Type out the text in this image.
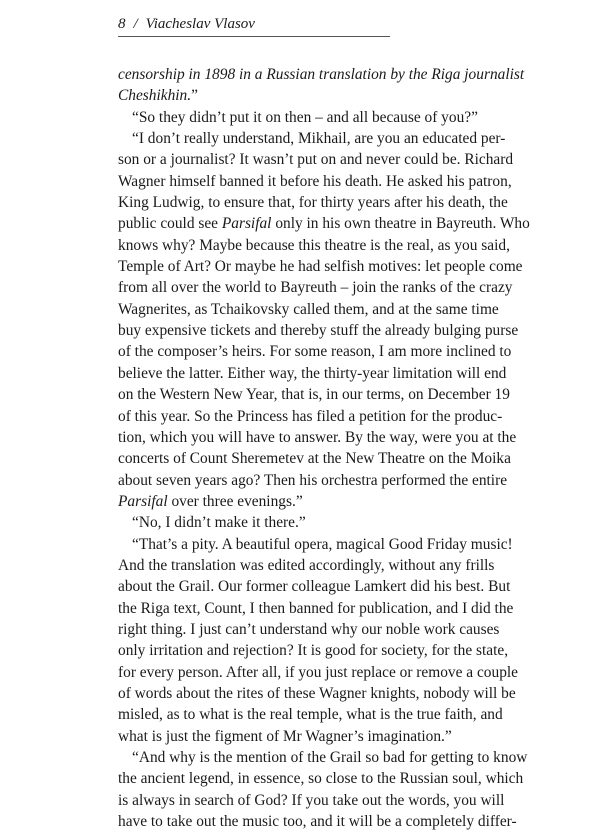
8 / Viacheslav Vlasov
censorship in 1898 in a Russian translation by the Riga journalist
Cheshikhin.”
“So they didn’t put it on then – and all because of you?”
“I don’t really understand, Mikhail, are you an educated per-
son or a journalist? It wasn’t put on and never could be. Richard
Wagner himself banned it before his death. He asked his patron,
King Ludwig, to ensure that, for thirty years after his death, the
public could see Parsifal only in his own theatre in Bayreuth. Who
knows why? Maybe because this theatre is the real, as you said,
Temple of Art? Or maybe he had selfish motives: let people come
from all over the world to Bayreuth – join the ranks of the crazy
Wagnerites, as Tchaikovsky called them, and at the same time
buy expensive tickets and thereby stuff the already bulging purse
of the composer’s heirs. For some reason, I am more inclined to
believe the latter. Either way, the thirty-year limitation will end
on the Western New Year, that is, in our terms, on December 19
of this year. So the Princess has filed a petition for the produc-
tion, which you will have to answer. By the way, were you at the
concerts of Count Sheremetev at the New Theatre on the Moika
about seven years ago? Then his orchestra performed the entire
Parsifal over three evenings.”
“No, I didn’t make it there.”
“That’s a pity. A beautiful opera, magical Good Friday music!
And the translation was edited accordingly, without any frills
about the Grail. Our former colleague Lamkert did his best. But
the Riga text, Count, I then banned for publication, and I did the
right thing. I just can’t understand why our noble work causes
only irritation and rejection? It is good for society, for the state,
for every person. After all, if you just replace or remove a couple
of words about the rites of these Wagner knights, nobody will be
misled, as to what is the real temple, what is the true faith, and
what is just the figment of Mr Wagner’s imagination.”
“And why is the mention of the Grail so bad for getting to know
the ancient legend, in essence, so close to the Russian soul, which
is always in search of God? If you take out the words, you will
have to take out the music too, and it will be a completely differ-
